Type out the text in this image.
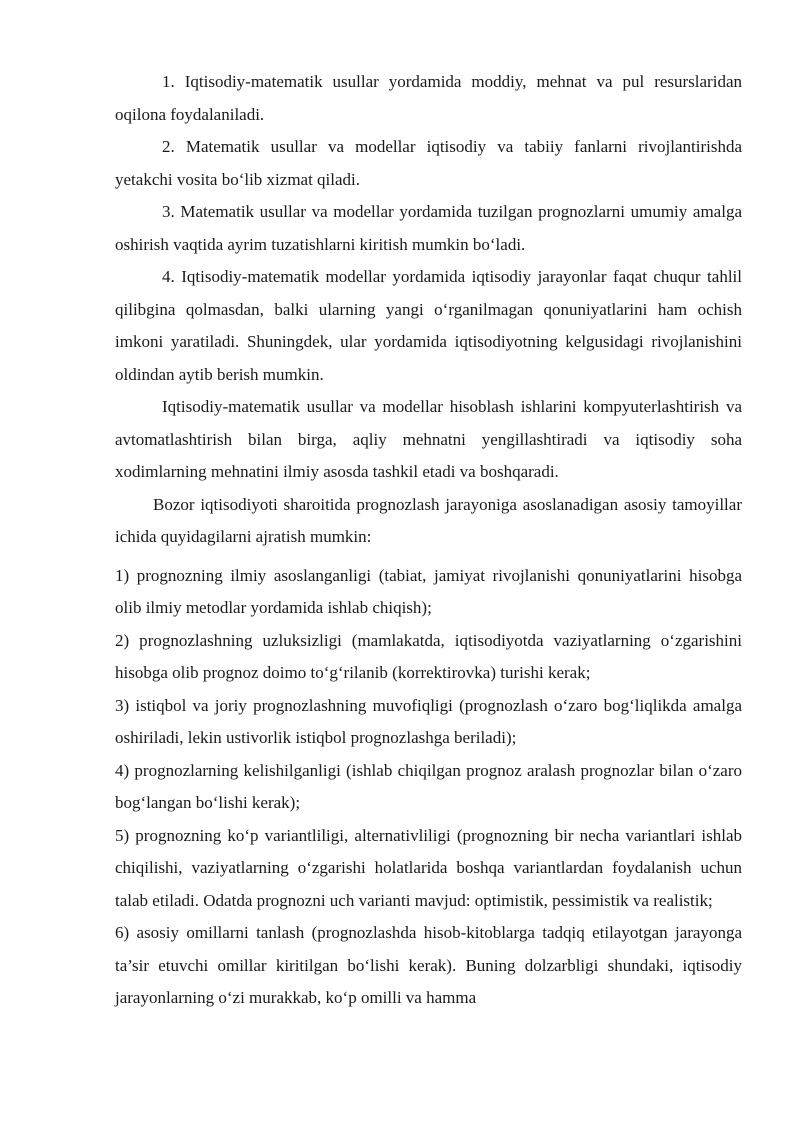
1. Iqtisodiy-matematik usullar yordamida moddiy, mehnat va pul resurslaridan oqilona foydalaniladi.

2. Matematik usullar va modellar iqtisodiy va tabiiy fanlarni rivojlantirishda yetakchi vosita bo‘lib xizmat qiladi.

3. Matematik usullar va modellar yordamida tuzilgan prognozlarni umumiy amalga oshirish vaqtida ayrim tuzatishlarni kiritish mumkin bo‘ladi.

4. Iqtisodiy-matematik modellar yordamida iqtisodiy jarayonlar faqat chuqur tahlil qilibgina qolmasdan, balki ularning yangi o‘rganilmagan qonuniyatlarini ham ochish imkoni yaratiladi. Shuningdek, ular yordamida iqtisodiyotning kelgusidagi rivojlanishini oldindan aytib berish mumkin.

Iqtisodiy-matematik usullar va modellar hisoblash ishlarini kompyuterlashtirish va avtomatlashtirish bilan birga, aqliy mehnatni yengillashtiradi va iqtisodiy soha xodimlarning mehnatini ilmiy asosda tashkil etadi va boshqaradi.

Bozor iqtisodiyoti sharoitida prognozlash jarayoniga asoslanadigan asosiy tamoyillar ichida quyidagilarni ajratish mumkin:

1) prognozning ilmiy asoslanganligi (tabiat, jamiyat rivojlanishi qonuniyatlarini hisobga olib ilmiy metodlar yordamida ishlab chiqish);

2) prognozlashning uzluksizligi (mamlakatda, iqtisodiyotda vaziyatlarning o‘zgarishini hisobga olib prognoz doimo to‘g‘rilanib (korrektirovka) turishi kerak;

3) istiqbol va joriy prognozlashning muvofiqligi (prognozlash o‘zaro bog‘liqlikda amalga oshiriladi, lekin ustivorlik istiqbol prognozlashga beriladi);

4) prognozlarning kelishilganligi (ishlab chiqilgan prognoz aralash prognozlar bilan o‘zaro bog‘langan bo‘lishi kerak);

5) prognozning ko‘p variantliligi, alternativliligi (prognozning bir necha variantlari ishlab chiqilishi, vaziyatlarning o‘zgarishi holatlarida boshqa variantlardan foydalanish uchun talab etiladi. Odatda prognozni uch varianti mavjud: optimistik, pessimistik va realistik;

6) asosiy omillarni tanlash (prognozlashda hisob-kitoblarga tadqiq etilayotgan jarayonga ta’sir etuvchi omillar kiritilgan bo‘lishi kerak). Buning dolzarbligi shundaki, iqtisodiy jarayonlarning o‘zi murakkab, ko‘p omilli va hamma
